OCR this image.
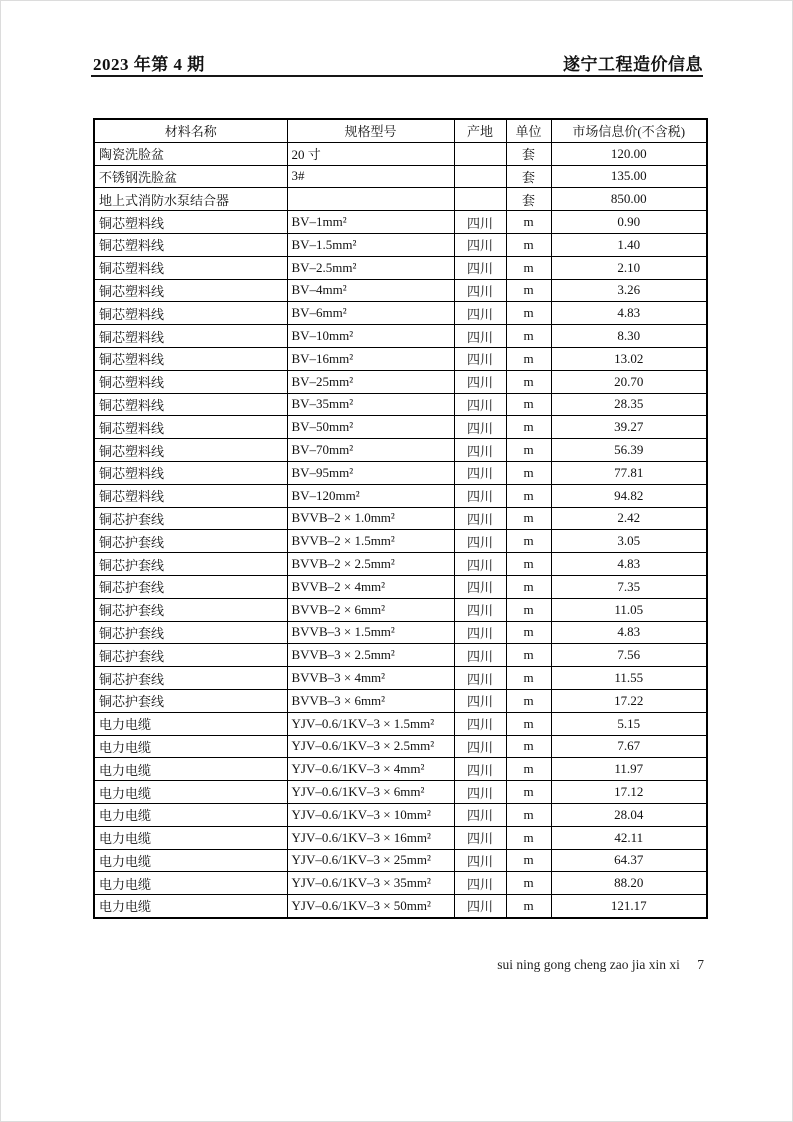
2023 年第 4 期	遂宁工程造价信息
材料名称	规格型号	产地	单位	市场信息价(不含税)
陶瓷洗脸盆	20 寸		套	120.00
不锈钢洗脸盆	3#		套	135.00
地上式消防水泵结合器			套	850.00
铜芯塑料线	BV–1mm²	四川	m	0.90
铜芯塑料线	BV–1.5mm²	四川	m	1.40
铜芯塑料线	BV–2.5mm²	四川	m	2.10
铜芯塑料线	BV–4mm²	四川	m	3.26
铜芯塑料线	BV–6mm²	四川	m	4.83
铜芯塑料线	BV–10mm²	四川	m	8.30
铜芯塑料线	BV–16mm²	四川	m	13.02
铜芯塑料线	BV–25mm²	四川	m	20.70
铜芯塑料线	BV–35mm²	四川	m	28.35
铜芯塑料线	BV–50mm²	四川	m	39.27
铜芯塑料线	BV–70mm²	四川	m	56.39
铜芯塑料线	BV–95mm²	四川	m	77.81
铜芯塑料线	BV–120mm²	四川	m	94.82
铜芯护套线	BVVB–2 × 1.0mm²	四川	m	2.42
铜芯护套线	BVVB–2 × 1.5mm²	四川	m	3.05
铜芯护套线	BVVB–2 × 2.5mm²	四川	m	4.83
铜芯护套线	BVVB–2 × 4mm²	四川	m	7.35
铜芯护套线	BVVB–2 × 6mm²	四川	m	11.05
铜芯护套线	BVVB–3 × 1.5mm²	四川	m	4.83
铜芯护套线	BVVB–3 × 2.5mm²	四川	m	7.56
铜芯护套线	BVVB–3 × 4mm²	四川	m	11.55
铜芯护套线	BVVB–3 × 6mm²	四川	m	17.22
电力电缆	YJV–0.6/1KV–3 × 1.5mm²	四川	m	5.15
电力电缆	YJV–0.6/1KV–3 × 2.5mm²	四川	m	7.67
电力电缆	YJV–0.6/1KV–3 × 4mm²	四川	m	11.97
电力电缆	YJV–0.6/1KV–3 × 6mm²	四川	m	17.12
电力电缆	YJV–0.6/1KV–3 × 10mm²	四川	m	28.04
电力电缆	YJV–0.6/1KV–3 × 16mm²	四川	m	42.11
电力电缆	YJV–0.6/1KV–3 × 25mm²	四川	m	64.37
电力电缆	YJV–0.6/1KV–3 × 35mm²	四川	m	88.20
电力电缆	YJV–0.6/1KV–3 × 50mm²	四川	m	121.17
sui ning gong cheng zao jia xin xi 7
